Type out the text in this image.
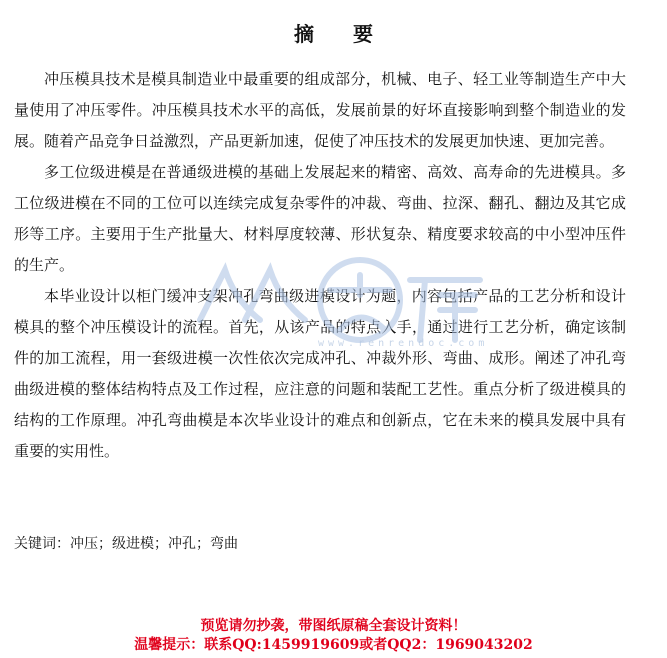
摘 要

冲压模具技术是模具制造业中最重要的组成部分，机械、电子、轻工业等制造生产中大量使用了冲压零件。冲压模具技术水平的高低，发展前景的好坏直接影响到整个制造业的发展。随着产品竞争日益激烈，产品更新加速，促使了冲压技术的发展更加快速、更加完善。

多工位级进模是在普通级进模的基础上发展起来的精密、高效、高寿命的先进模具。多工位级进模在不同的工位可以连续完成复杂零件的冲裁、弯曲、拉深、翻孔、翻边及其它成形等工序。主要用于生产批量大、材料厚度较薄、形状复杂、精度要求较高的中小型冲压件的生产。

本毕业设计以柜门缓冲支架冲孔弯曲级进模设计为题，内容包括产品的工艺分析和设计模具的整个冲压模设计的流程。首先，从该产品的特点入手，通过进行工艺分析，确定该制件的加工流程，用一套级进模一次性依次完成冲孔、冲裁外形、弯曲、成形。阐述了冲孔弯曲级进模的整体结构特点及工作过程，应注意的问题和装配工艺性。重点分析了级进模具的结构的工作原理。冲孔弯曲模是本次毕业设计的难点和创新点，它在未来的模具发展中具有重要的实用性。

www.renrendoc.com
关键词：冲压；级进模；冲孔；弯曲
预览请勿抄袭，带图纸原稿全套设计资料！
温馨提示：联系QQ:1459919609或者QQ2：1969043202
